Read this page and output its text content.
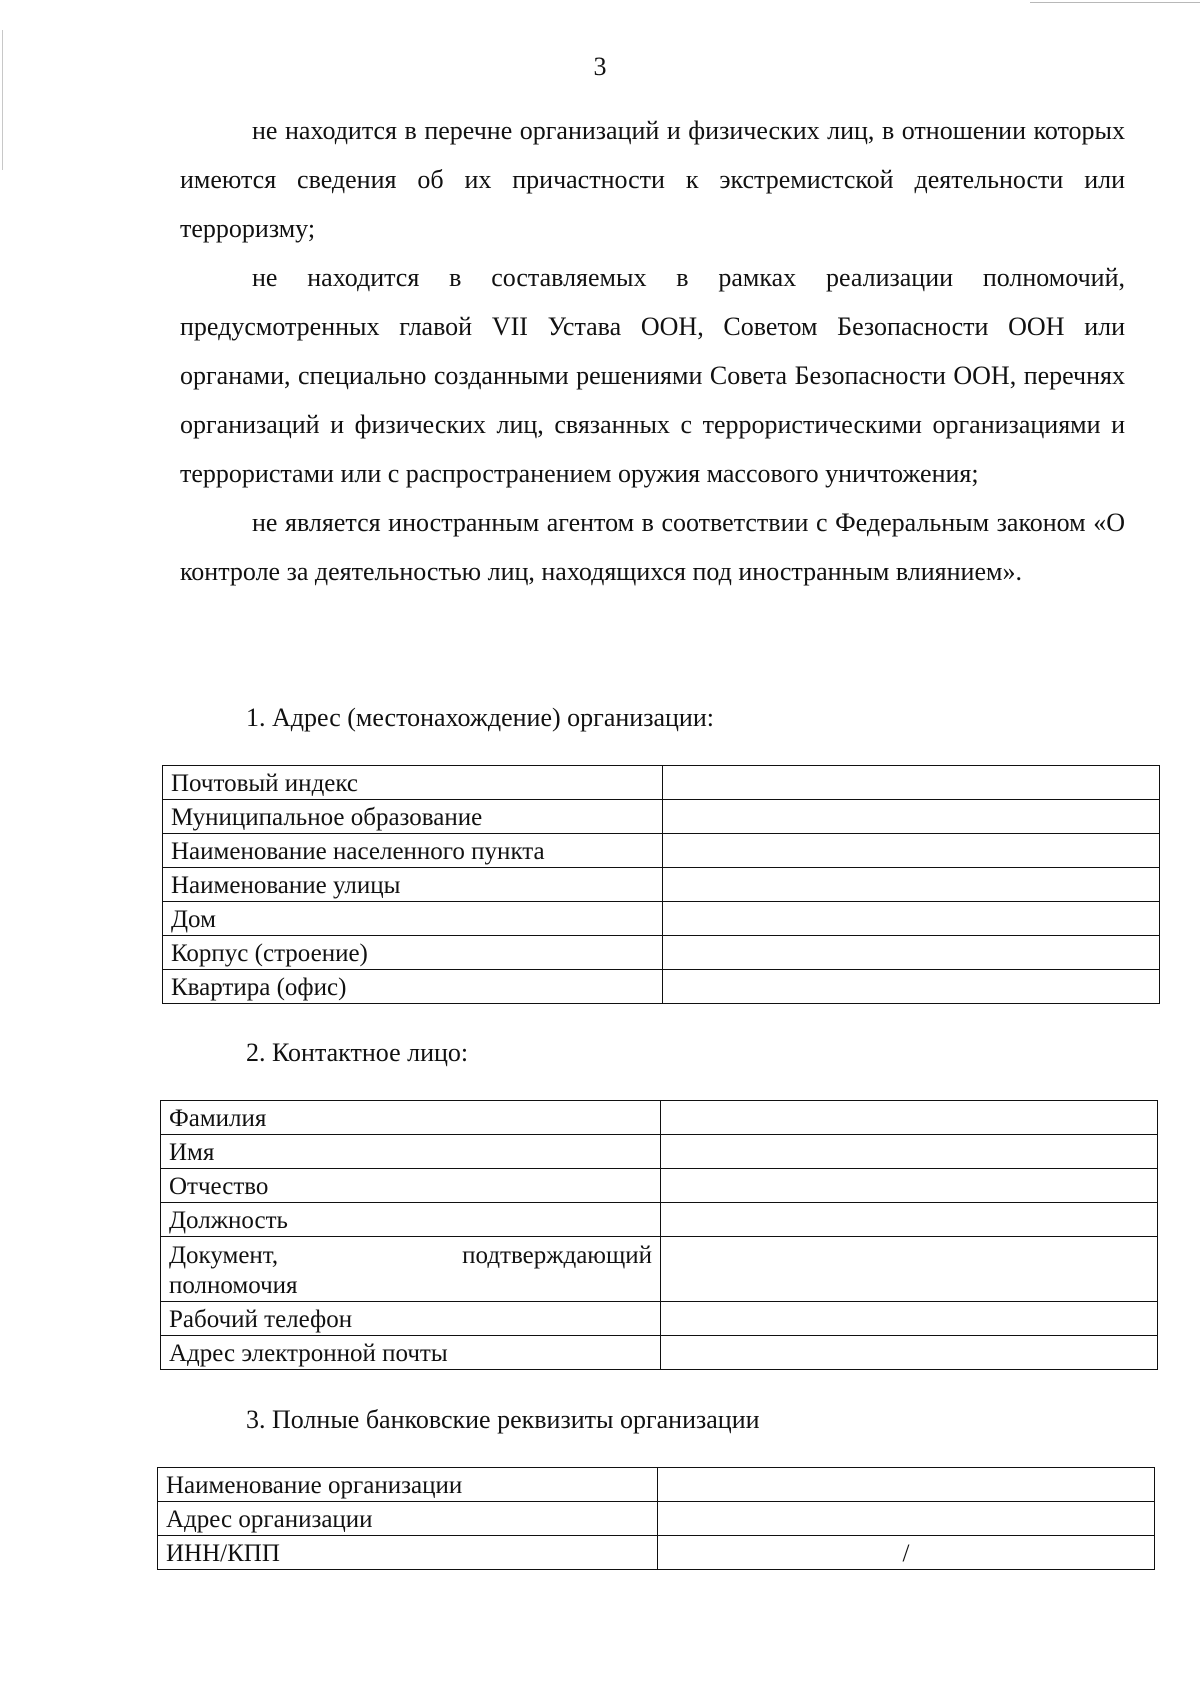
3

не находится в перечне организаций и физических лиц, в отношении которых имеются сведения об их причастности к экстремистской деятельности или терроризму;

не находится в составляемых в рамках реализации полномочий, предусмотренных главой VII Устава ООН, Советом Безопасности ООН или органами, специально созданными решениями Совета Безопасности ООН, перечнях организаций и физических лиц, связанных с террористическими организациями и террористами или с распространением оружия массового уничтожения;

не является иностранным агентом в соответствии с Федеральным законом «О контроле за деятельностью лиц, находящихся под иностранным влиянием».

1. Адрес (местонахождение) организации:
Почтовый индекс	
Муниципальное образование	
Наименование населенного пункта	
Наименование улицы	
Дом	
Корпус (строение)	
Квартира (офис)	
2. Контактное лицо:
Фамилия	
Имя	
Отчество	
Должность	

Документ, подтверждающий
полномочия	

Рабочий телефон	
Адрес электронной почты	
3. Полные банковские реквизиты организации
Наименование организации	
Адрес организации	
ИНН/КПП	/
